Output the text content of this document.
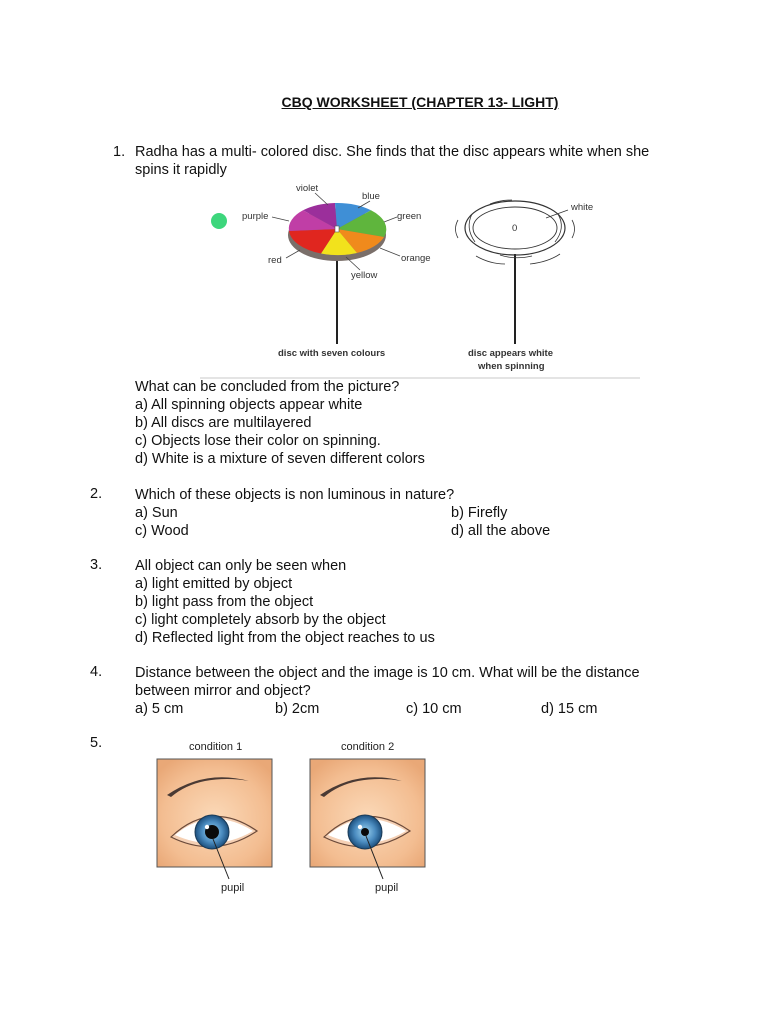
CBQ WORKSHEET (CHAPTER 13- LIGHT)
1. Radha has a multi- colored disc. She finds that the disc appears white when she
spins it rapidly
violet
blue
purple	green
red	orange
yellow
disc with seven colours
0
white
disc appears white
when spinning
What can be concluded from the picture?
a) All spinning objects appear white
b) All discs are multilayered
c) Objects lose their color on spinning.
d) White is a mixture of seven different colors
2. Which of these objects is non luminous in nature?
a) Sun	b) Firefly
c) Wood	d) all the above
3. All object can only be seen when
a) light emitted by object
b) light pass from the object
c) light completely absorb by the object
d) Reflected light from the object reaches to us
4. Distance between the object and the image is 10 cm. What will be the distance
between mirror and object?
a) 5 cm	b) 2cm	c) 10 cm	d) 15 cm
5.	condition 1
pupil
condition 2
pupil
